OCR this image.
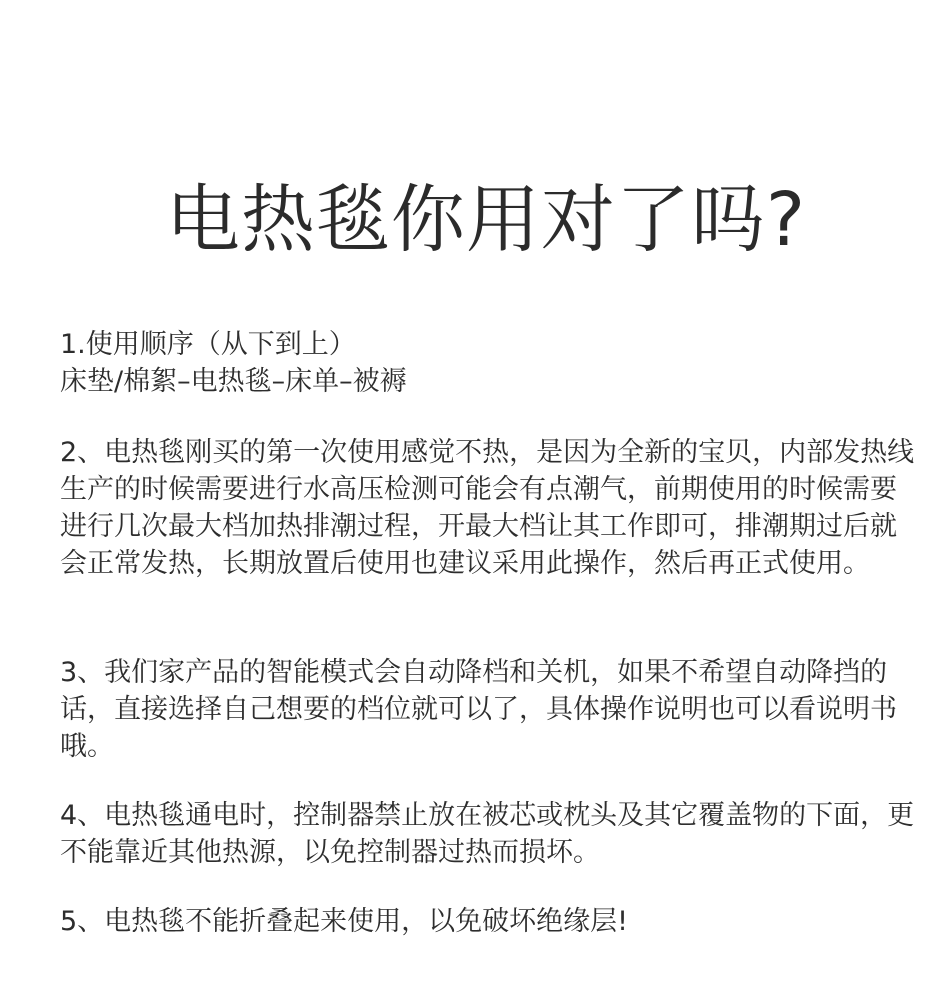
电热毯你用对了吗?

1.使用顺序（从下到上）

床垫/棉絮–电热毯–床单–被褥

2、电热毯刚买的第一次使用感觉不热，是因为全新的宝贝，内部发热线生产的时候需要进行水高压检测可能会有点潮气，前期使用的时候需要进行几次最大档加热排潮过程，开最大档让其工作即可，排潮期过后就会正常发热，长期放置后使用也建议采用此操作，然后再正式使用。

3、我们家产品的智能模式会自动降档和关机，如果不希望自动降挡的话，直接选择自己想要的档位就可以了，具体操作说明也可以看说明书哦。

4、电热毯通电时，控制器禁止放在被芯或枕头及其它覆盖物的下面，更不能靠近其他热源，以免控制器过热而损坏。

5、电热毯不能折叠起来使用，以免破坏绝缘层!
